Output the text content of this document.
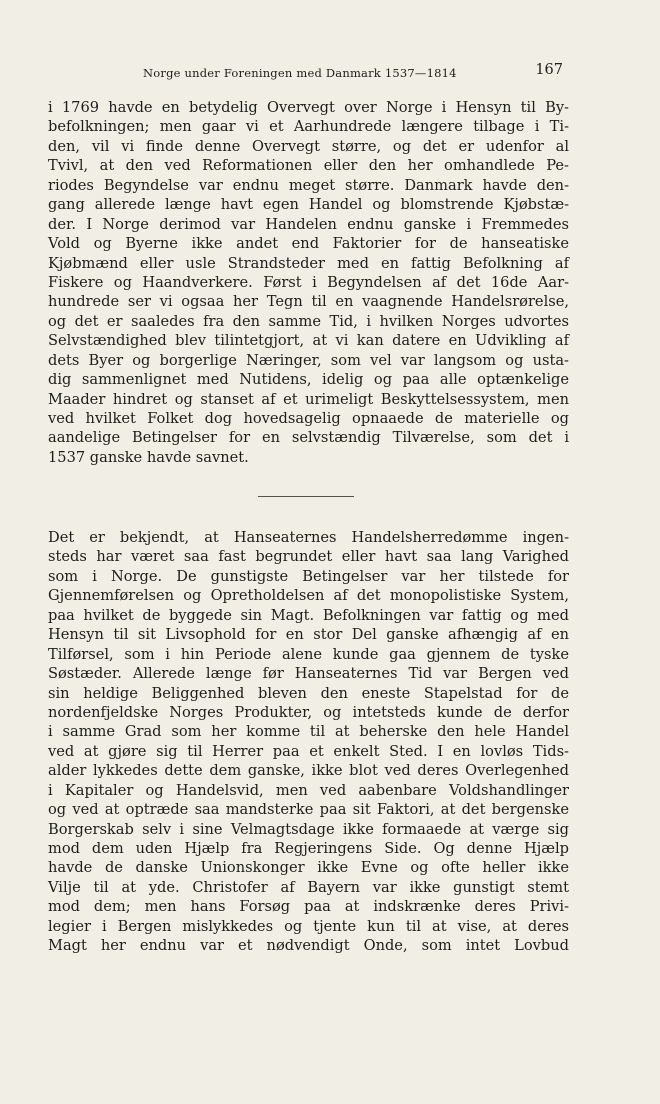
Norge under Foreningen med Danmark 1537—1814	167
i 1769 havde en betydelig Overvegt over Norge i Hensyn til By-
befolkningen; men gaar vi et Aarhundrede længere tilbage i Ti-
den, vil vi finde denne Overvegt større, og det er udenfor al
Tvivl, at den ved Reformationen eller den her omhandlede Pe-
riodes Begyndelse var endnu meget større. Danmark havde den-
gang allerede længe havt egen Handel og blomstrende Kjøbstæ-
der. I Norge derimod var Handelen endnu ganske i Fremmedes
Vold og Byerne ikke andet end Faktorier for de hanseatiske
Kjøbmænd eller usle Strandsteder med en fattig Befolkning af
Fiskere og Haandverkere. Først i Begyndelsen af det 16de Aar-
hundrede ser vi ogsaa her Tegn til en vaagnende Handelsrørelse,
og det er saaledes fra den samme Tid, i hvilken Norges udvortes
Selvstændighed blev tilintetgjort, at vi kan datere en Udvikling af
dets Byer og borgerlige Næringer, som vel var langsom og usta-
dig sammenlignet med Nutidens, idelig og paa alle optænkelige
Maader hindret og stanset af et urimeligt Beskyttelsessystem, men
ved hvilket Folket dog hovedsagelig opnaaede de materielle og
aandelige Betingelser for en selvstændig Tilværelse, som det i
1537 ganske havde savnet.
Det er bekjendt, at Hanseaternes Handelsherredømme ingen-
steds har været saa fast begrundet eller havt saa lang Varighed
som i Norge. De gunstigste Betingelser var her tilstede for
Gjennemførelsen og Opretholdelsen af det monopolistiske System,
paa hvilket de byggede sin Magt. Befolkningen var fattig og med
Hensyn til sit Livsophold for en stor Del ganske afhængig af en
Tilførsel, som i hin Periode alene kunde gaa gjennem de tyske
Søstæder. Allerede længe før Hanseaternes Tid var Bergen ved
sin heldige Beliggenhed bleven den eneste Stapelstad for de
nordenfjeldske Norges Produkter, og intetsteds kunde de derfor
i samme Grad som her komme til at beherske den hele Handel
ved at gjøre sig til Herrer paa et enkelt Sted. I en lovløs Tids-
alder lykkedes dette dem ganske, ikke blot ved deres Overlegenhed
i Kapitaler og Handelsvid, men ved aabenbare Voldshandlinger
og ved at optræde saa mandsterke paa sit Faktori, at det bergenske
Borgerskab selv i sine Velmagtsdage ikke formaaede at værge sig
mod dem uden Hjælp fra Regjeringens Side. Og denne Hjælp
havde de danske Unionskonger ikke Evne og ofte heller ikke
Vilje til at yde. Christofer af Bayern var ikke gunstigt stemt
mod dem; men hans Forsøg paa at indskrænke deres Privi-
legier i Bergen mislykkedes og tjente kun til at vise, at deres
Magt her endnu var et nødvendigt Onde, som intet Lovbud
